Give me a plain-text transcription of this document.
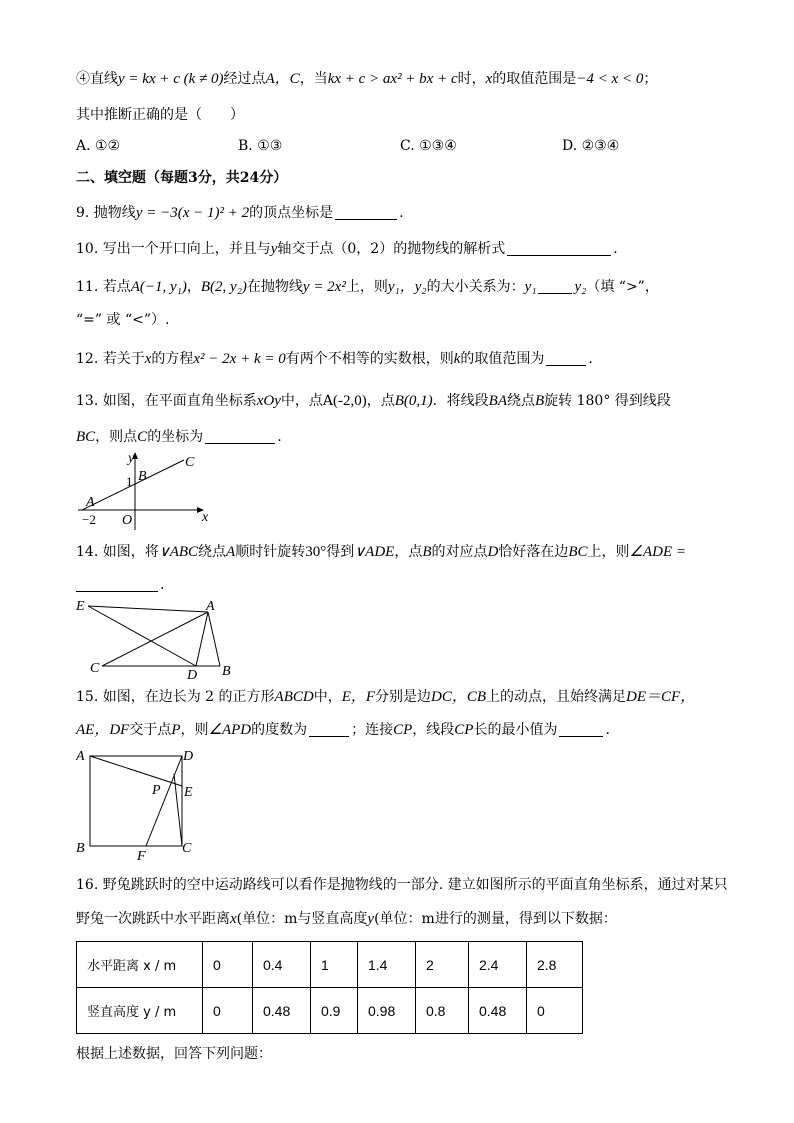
④直线y = kx + c (k ≠ 0)经过点A，C，当kx + c > ax² + bx + c时，x的取值范围是−4 < x < 0；
其中推断正确的是（　　）
A. ①②	B. ①③	C. ①③④	D. ②③④
二、填空题（每题3分，共24分）
9. 抛物线y = −3(x − 1)² + 2的顶点坐标是	.
10. 写出一个开口向上，并且与y轴交于点（0，2）的抛物线的解析式	.
11. 若点A(−1, y₁)，B(2, y₂)在抛物线y = 2x²上，则y₁，y₂的大小关系为：y₁	y₂（填 “>”，
“=” 或 “<”）.
12. 若关于x的方程x² − 2x + k = 0有两个不相等的实数根，则k的取值范围为	.
13. 如图，在平面直角坐标系xOy中，点A(-2,0)，点B(0,1)．将线段BA绕点B旋转 180° 得到线段
BC，则点C的坐标为	.
y
x
C
B
A
1
−2 O
14. 如图，将∨ABC绕点A顺时针旋转30°得到∨ADE，点B的对应点D恰好落在边BC上，则∠ADE =
.
E	A
C	D B
15. 如图，在边长为 2 的正方形ABCD中，E，F分别是边DC，CB上的动点，且始终满足DE＝CF，
AE，DF交于点P，则∠APD的度数为	；连接CP，线段CP长的最小值为	.
A	D
P E
B
F
C
16. 野兔跳跃时的空中运动路线可以看作是抛物线的一部分. 建立如图所示的平面直角坐标系，通过对某只
野兔一次跳跃中水平距离x(单位：m与竖直高度y(单位：m进行的测量，得到以下数据：
水平距离 x / m	0	0.4	1	1.4	2	2.4	2.8
竖直高度 y / m	0	0.48	0.9	0.98	0.8	0.48	0
根据上述数据，回答下列问题：
